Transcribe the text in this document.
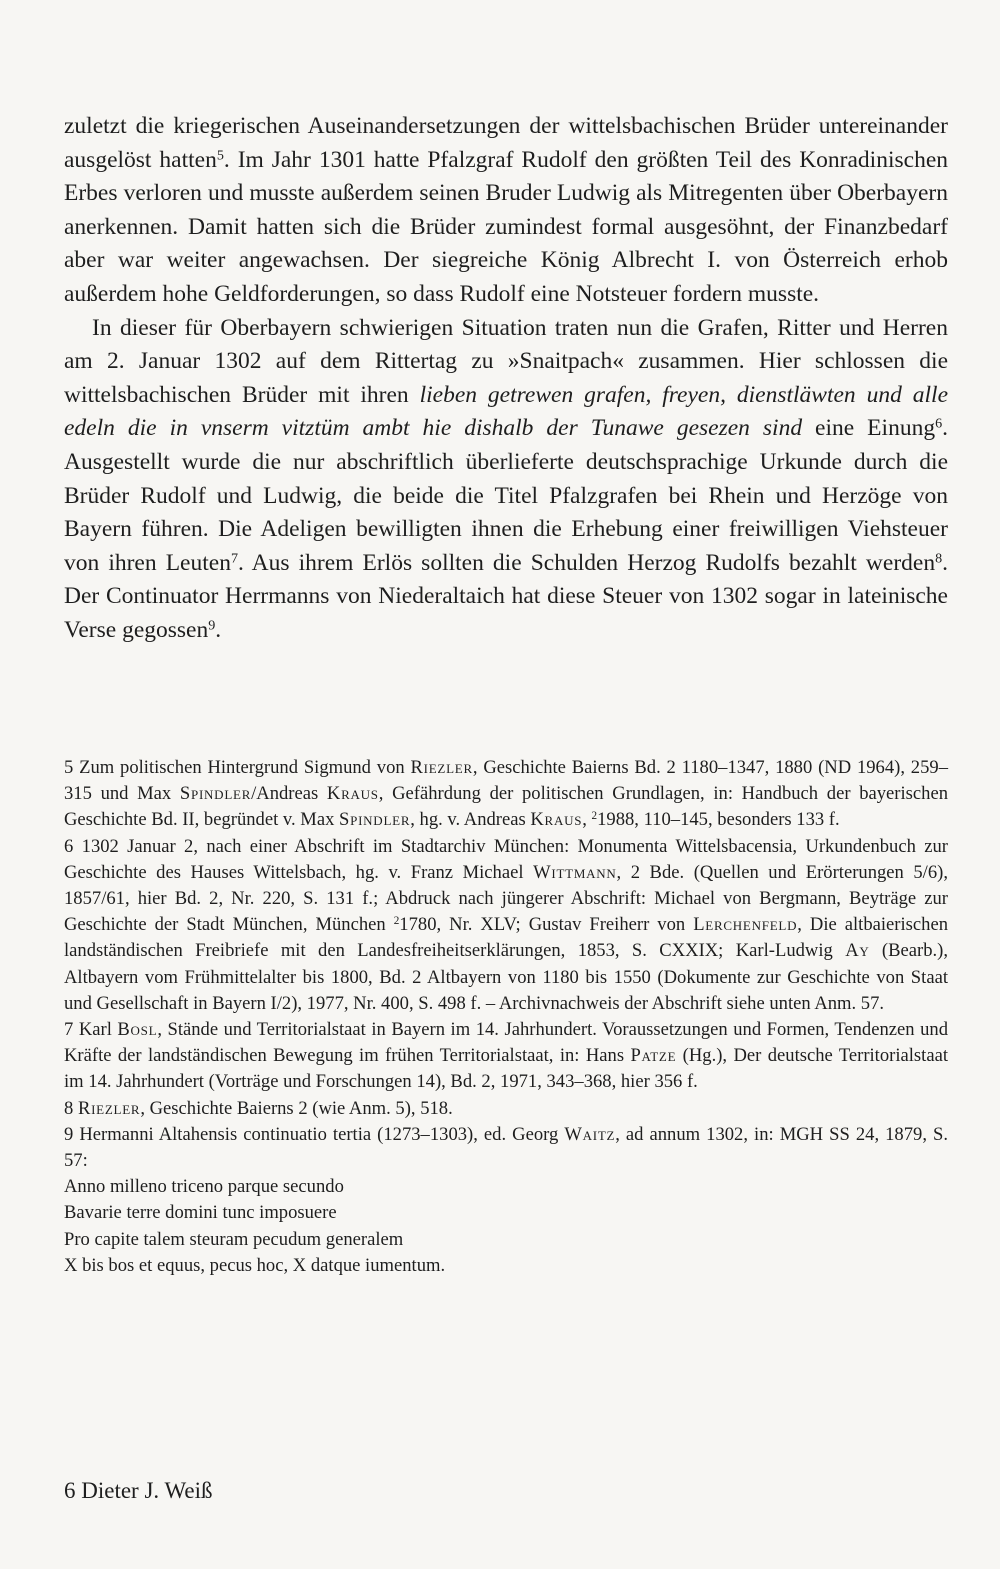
zuletzt die kriegerischen Auseinandersetzungen der wittelsbachischen Brüder untereinander ausgelöst hatten$^5$. Im Jahr 1301 hatte Pfalzgraf Rudolf den größten Teil des Konradinischen Erbes verloren und musste außerdem seinen Bruder Ludwig als Mitregenten über Oberbayern anerkennen. Damit hatten sich die Brüder zumindest formal ausgesöhnt, der Finanzbedarf aber war weiter angewachsen. Der siegreiche König Albrecht I. von Österreich erhob außerdem hohe Geldforderungen, so dass Rudolf eine Notsteuer fordern musste.

In dieser für Oberbayern schwierigen Situation traten nun die Grafen, Ritter und Herren am 2. Januar 1302 auf dem Rittertag zu »Snaitpach« zusammen. Hier schlossen die wittelsbachischen Brüder mit ihren lieben getrewen grafen, freyen, dienstläwten und alle edeln die in vnserm vitztüm ambt hie dishalb der Tunawe gesezen sind eine Einung$^6$. Ausgestellt wurde die nur abschriftlich überlieferte deutschsprachige Urkunde durch die Brüder Rudolf und Ludwig, die beide die Titel Pfalzgrafen bei Rhein und Herzöge von Bayern führen. Die Adeligen bewilligten ihnen die Erhebung einer freiwilligen Viehsteuer von ihren Leuten$^7$. Aus ihrem Erlös sollten die Schulden Herzog Rudolfs bezahlt werden$^8$. Der Continuator Herrmanns von Niederaltaich hat diese Steuer von 1302 sogar in lateinische Verse gegossen$^9$.

5 Zum politischen Hintergrund Sigmund von Riezler, Geschichte Baierns Bd. 2 1180–1347, 1880 (ND 1964), 259–315 und Max Spindler/Andreas Kraus, Gefährdung der politischen Grundlagen, in: Handbuch der bayerischen Geschichte Bd. II, begründet v. Max Spindler, hg. v. Andreas Kraus, $^2$1988, 110–145, besonders 133 f.

6 1302 Januar 2, nach einer Abschrift im Stadtarchiv München: Monumenta Wittelsbacensia, Urkundenbuch zur Geschichte des Hauses Wittelsbach, hg. v. Franz Michael Wittmann, 2 Bde. (Quellen und Erörterungen 5/6), 1857/61, hier Bd. 2, Nr. 220, S. 131 f.; Abdruck nach jüngerer Abschrift: Michael von Bergmann, Beyträge zur Geschichte der Stadt München, München $^2$1780, Nr. XLV; Gustav Freiherr von Lerchenfeld, Die altbaierischen landständischen Freibriefe mit den Landesfreiheitserklärungen, 1853, S. CXXIX; Karl-Ludwig Ay (Bearb.), Altbayern vom Frühmittelalter bis 1800, Bd. 2 Altbayern von 1180 bis 1550 (Dokumente zur Geschichte von Staat und Gesellschaft in Bayern I/2), 1977, Nr. 400, S. 498 f. – Archivnachweis der Abschrift siehe unten Anm. 57.

7 Karl Bosl, Stände und Territorialstaat in Bayern im 14. Jahrhundert. Voraussetzungen und Formen, Tendenzen und Kräfte der landständischen Bewegung im frühen Territorialstaat, in: Hans Patze (Hg.), Der deutsche Territorialstaat im 14. Jahrhundert (Vorträge und Forschungen 14), Bd. 2, 1971, 343–368, hier 356 f.

8 Riezler, Geschichte Baierns 2 (wie Anm. 5), 518.

9 Hermanni Altahensis continuatio tertia (1273–1303), ed. Georg Waitz, ad annum 1302, in: MGH SS 24, 1879, S. 57:

Anno milleno triceno parque secundo

Bavarie terre domini tunc imposuere

Pro capite talem steuram pecudum generalem

X bis bos et equus, pecus hoc, X datque iumentum.

6 Dieter J. Weiß
